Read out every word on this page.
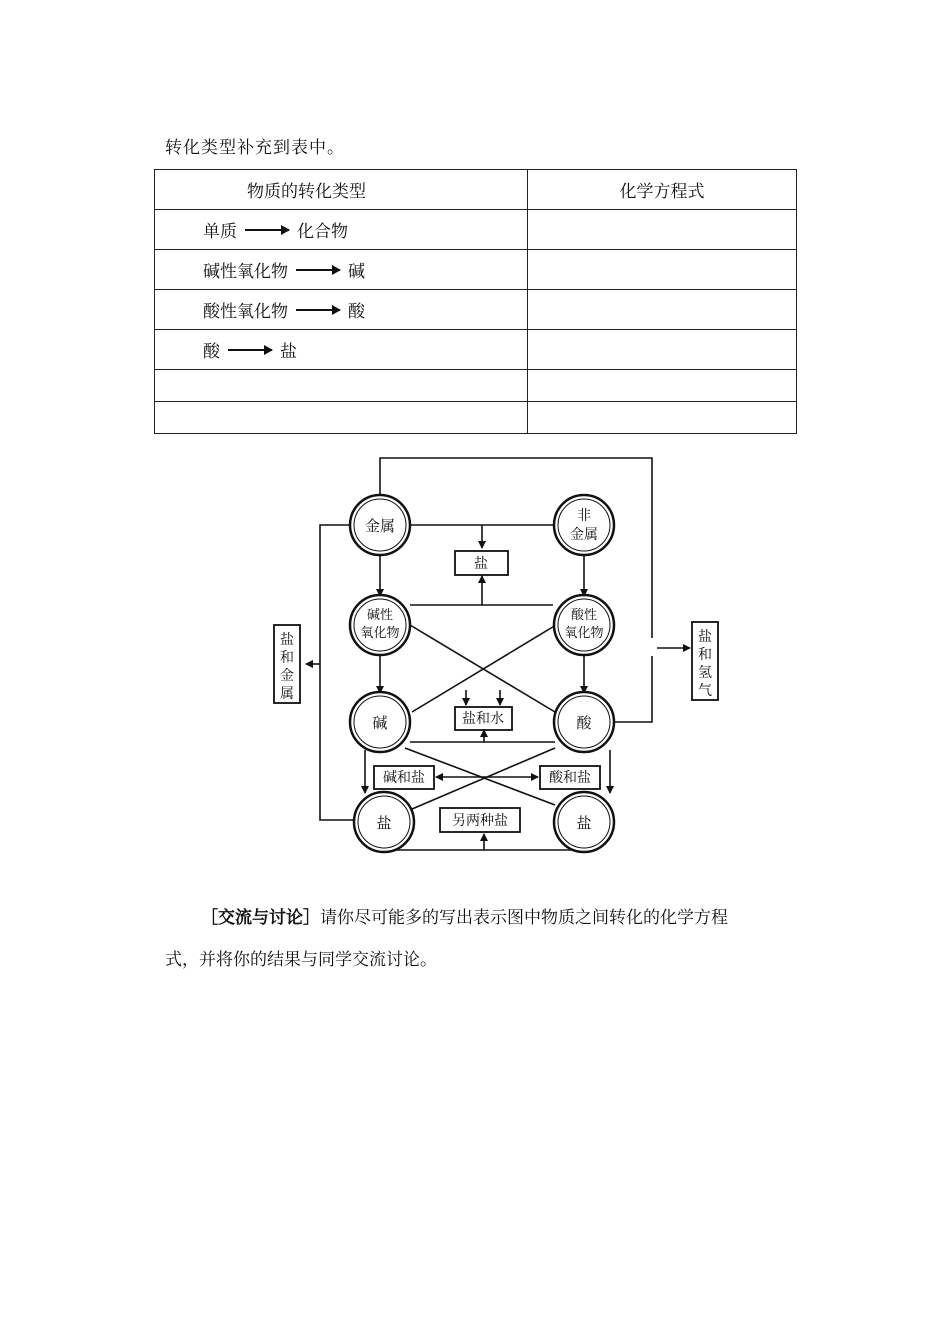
转化类型补充到表中。
物质的转化类型	化学方程式

单质 化合物	

碱性氧化物 碱	

酸性氧化物 酸	

酸 盐	

金属
非
金属
碱性
氧化物
酸性
氧化物
碱	酸
盐	盐
盐
盐和水
碱和盐	酸和盐
另两种盐
盐
和
金
属
盐
和
氢
气
［交流与讨论］请你尽可能多的写出表示图中物质之间转化的化学方程
式，并将你的结果与同学交流讨论。
